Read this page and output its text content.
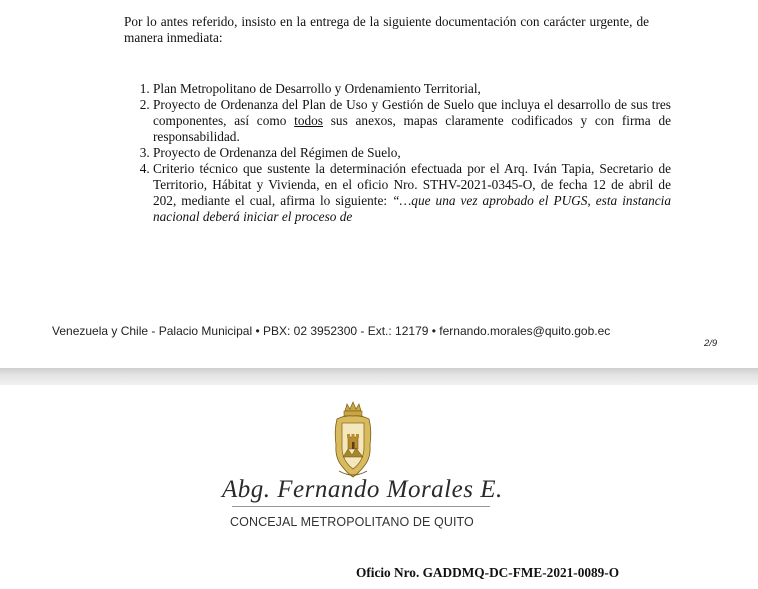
Por lo antes referido, insisto en la entrega de la siguiente documentación con carácter urgente, de manera inmediata:

1. Plan Metropolitano de Desarrollo y Ordenamiento Territorial,
2. Proyecto de Ordenanza del Plan de Uso y Gestión de Suelo que incluya el desarrollo de sus tres componentes, así como todos sus anexos, mapas claramente codificados y con firma de responsabilidad.
3. Proyecto de Ordenanza del Régimen de Suelo,
4. Criterio técnico que sustente la determinación efectuada por el Arq. Iván Tapia, Secretario de Territorio, Hábitat y Vivienda, en el oficio Nro. STHV-2021-0345-O, de fecha 12 de abril de 202, mediante el cual, afirma lo siguiente: “…que una vez aprobado el PUGS, esta instancia nacional deberá iniciar el proceso de
Venezuela y Chile - Palacio Municipal • PBX: 02 3952300 - Ext.: 12179 • fernando.morales@quito.gob.ec
2/9
Abg. Fernando Morales E.
CONCEJAL METROPOLITANO DE QUITO
Oficio Nro. GADDMQ-DC-FME-2021-0089-O
